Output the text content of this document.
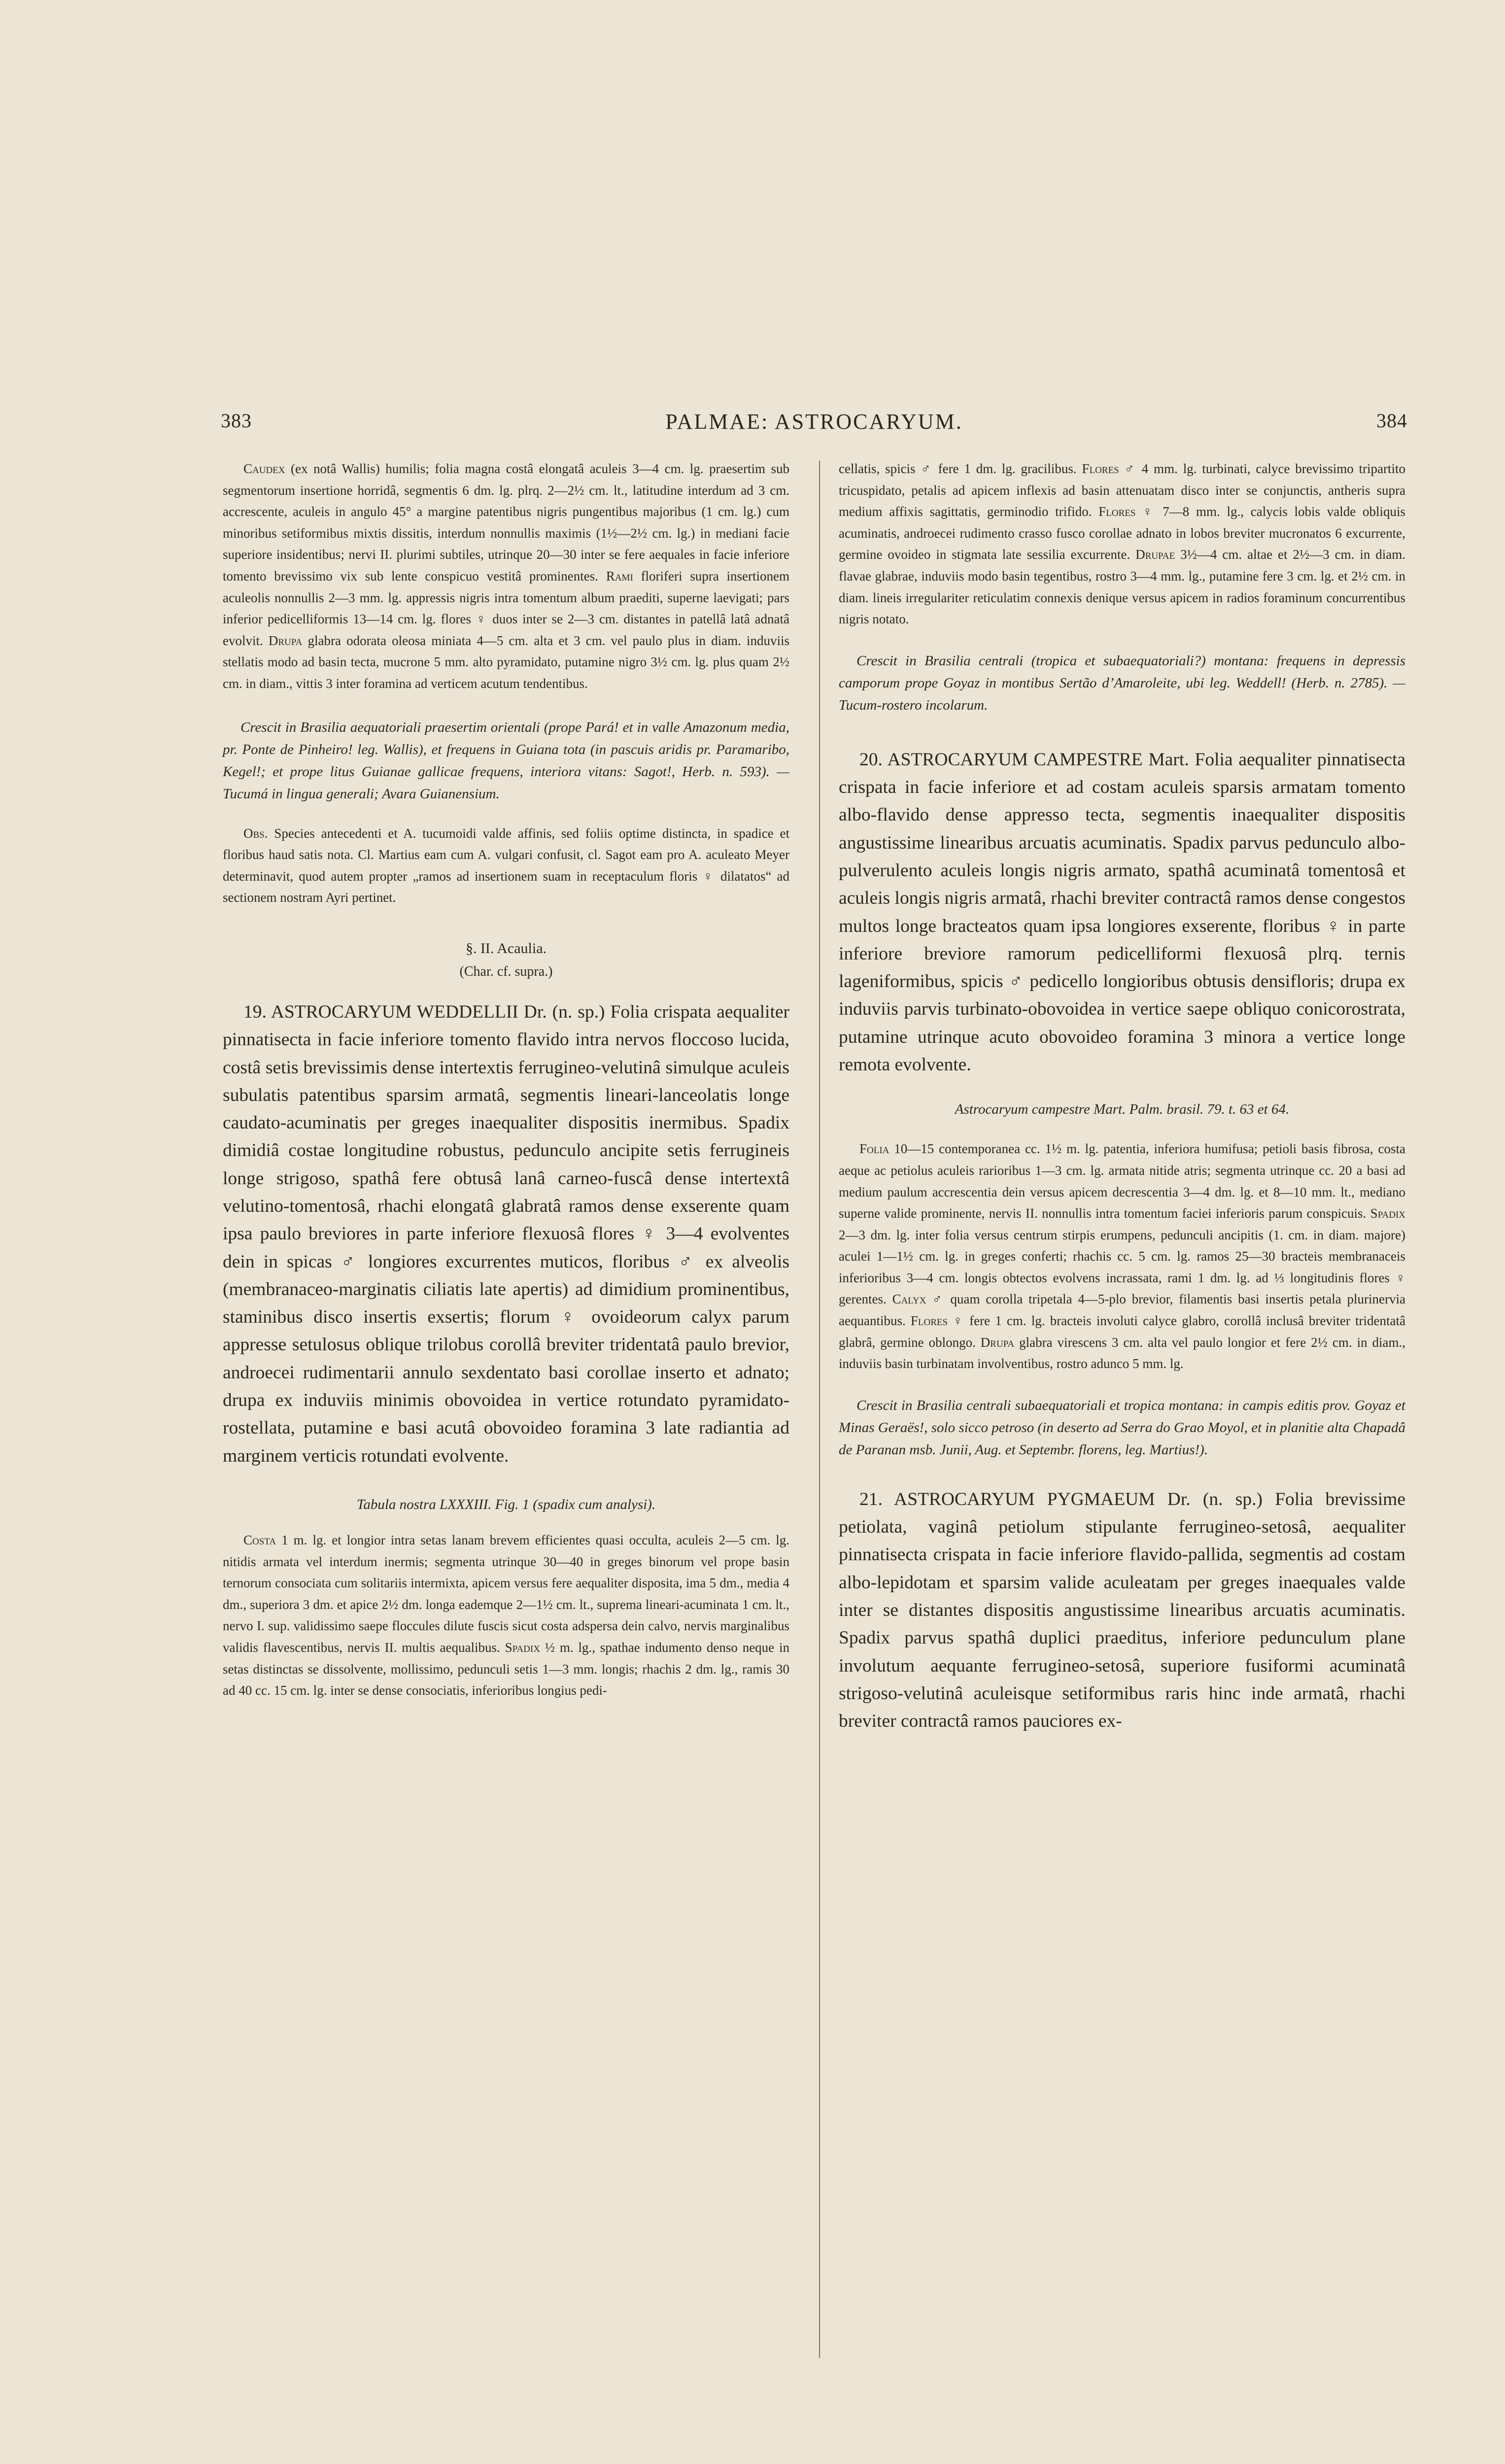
383	PALMAE: ASTROCARYUM.	384

Caudex (ex notâ Wallis) humilis; folia magna costâ elongatâ aculeis 3—4 cm. lg. praesertim sub segmentorum insertione horridâ, segmentis 6 dm. lg. plrq. 2—2½ cm. lt., latitudine interdum ad 3 cm. accrescente, aculeis in angulo 45° a margine patentibus nigris pungentibus majoribus (1 cm. lg.) cum minoribus setiformibus mixtis dissitis, interdum nonnullis maximis (1½—2½ cm. lg.) in mediani facie superiore insidentibus; nervi II. plurimi subtiles, utrinque 20—30 inter se fere aequales in facie inferiore tomento brevissimo vix sub lente conspicuo vestitâ prominentes. Rami floriferi supra insertionem aculeolis nonnullis 2—3 mm. lg. appressis nigris intra tomentum album praediti, superne laevigati; pars inferior pedicelliformis 13—14 cm. lg. flores ♀ duos inter se 2—3 cm. distantes in patellâ latâ adnatâ evolvit. Drupa glabra odorata oleosa miniata 4—5 cm. alta et 3 cm. vel paulo plus in diam. induviis stellatis modo ad basin tecta, mucrone 5 mm. alto pyramidato, putamine nigro 3½ cm. lg. plus quam 2½ cm. in diam., vittis 3 inter foramina ad verticem acutum tendentibus.

Crescit in Brasilia aequatoriali praesertim orientali (prope Pará! et in valle Amazonum media, pr. Ponte de Pinheiro! leg. Wallis), et frequens in Guiana tota (in pascuis aridis pr. Paramaribo, Kegel!; et prope litus Guianae gallicae frequens, interiora vitans: Sagot!, Herb. n. 593). — Tucumá in lingua generali; Avara Guianensium.

Obs. Species antecedenti et A. tucumoidi valde affinis, sed foliis optime distincta, in spadice et floribus haud satis nota. Cl. Martius eam cum A. vulgari confusit, cl. Sagot eam pro A. aculeato Meyer determinavit, quod autem propter „ramos ad insertionem suam in receptaculum floris ♀ dilatatos“ ad sectionem nostram Ayri pertinet.

§. II. Acaulia.

(Char. cf. supra.)

19. ASTROCARYUM WEDDELLII Dr. (n. sp.) Folia crispata aequaliter pinnatisecta in facie inferiore tomento flavido intra nervos floccoso lucida, costâ setis brevissimis dense intertextis ferrugineo-velutinâ simulque aculeis subulatis patentibus sparsim armatâ, segmentis lineari-lanceolatis longe caudato-acuminatis per greges inaequaliter dispositis inermibus. Spadix dimidiâ costae longitudine robustus, pedunculo ancipite setis ferrugineis longe strigoso, spathâ fere obtusâ lanâ carneo-fuscâ dense intertextâ velutino-tomentosâ, rhachi elongatâ glabratâ ramos dense exserente quam ipsa paulo breviores in parte inferiore flexuosâ flores ♀ 3—4 evolventes dein in spicas ♂ longiores excurrentes muticos, floribus ♂ ex alveolis (membranaceo-marginatis ciliatis late apertis) ad dimidium prominentibus, staminibus disco insertis exsertis; florum ♀ ovoideorum calyx parum appresse setulosus oblique trilobus corollâ breviter tridentatâ paulo brevior, androecei rudimentarii annulo sexdentato basi corollae inserto et adnato; drupa ex induviis minimis obovoidea in vertice rotundato pyramidato-rostellata, putamine e basi acutâ obovoideo foramina 3 late radiantia ad marginem verticis rotundati evolvente.

Tabula nostra LXXXIII. Fig. 1 (spadix cum analysi).

Costa 1 m. lg. et longior intra setas lanam brevem efficientes quasi occulta, aculeis 2—5 cm. lg. nitidis armata vel interdum inermis; segmenta utrinque 30—40 in greges binorum vel prope basin ternorum consociata cum solitariis intermixta, apicem versus fere aequaliter disposita, ima 5 dm., media 4 dm., superiora 3 dm. et apice 2½ dm. longa eademque 2—1½ cm. lt., suprema lineari-acuminata 1 cm. lt., nervo I. sup. validissimo saepe floccules dilute fuscis sicut costa adspersa dein calvo, nervis marginalibus validis flavescentibus, nervis II. multis aequalibus. Spadix ½ m. lg., spathae indumento denso neque in setas distinctas se dissolvente, mollissimo, pedunculi setis 1—3 mm. longis; rhachis 2 dm. lg., ramis 30 ad 40 cc. 15 cm. lg. inter se dense consociatis, inferioribus longius pedi-

cellatis, spicis ♂ fere 1 dm. lg. gracilibus. Flores ♂ 4 mm. lg. turbinati, calyce brevissimo tripartito tricuspidato, petalis ad apicem inflexis ad basin attenuatam disco inter se conjunctis, antheris supra medium affixis sagittatis, germinodio trifido. Flores ♀ 7—8 mm. lg., calycis lobis valde obliquis acuminatis, androecei rudimento crasso fusco corollae adnato in lobos breviter mucronatos 6 excurrente, germine ovoideo in stigmata late sessilia excurrente. Drupae 3½—4 cm. altae et 2½—3 cm. in diam. flavae glabrae, induviis modo basin tegentibus, rostro 3—4 mm. lg., putamine fere 3 cm. lg. et 2½ cm. in diam. lineis irregulariter reticulatim connexis denique versus apicem in radios foraminum concurrentibus nigris notato.

Crescit in Brasilia centrali (tropica et subaequatoriali?) montana: frequens in depressis camporum prope Goyaz in montibus Sertão d’Amaroleite, ubi leg. Weddell! (Herb. n. 2785). — Tucum-rostero incolarum.

20. ASTROCARYUM CAMPESTRE Mart. Folia aequaliter pinnatisecta crispata in facie inferiore et ad costam aculeis sparsis armatam tomento albo-flavido dense appresso tecta, segmentis inaequaliter dispositis angustissime linearibus arcuatis acuminatis. Spadix parvus pedunculo albo-pulverulento aculeis longis nigris armato, spathâ acuminatâ tomentosâ et aculeis longis nigris armatâ, rhachi breviter contractâ ramos dense congestos multos longe bracteatos quam ipsa longiores exserente, floribus ♀ in parte inferiore breviore ramorum pedicelliformi flexuosâ plrq. ternis lageniformibus, spicis ♂ pedicello longioribus obtusis densifloris; drupa ex induviis parvis turbinato-obovoidea in vertice saepe obliquo conicorostrata, putamine utrinque acuto obovoideo foramina 3 minora a vertice longe remota evolvente.

Astrocaryum campestre Mart. Palm. brasil. 79. t. 63 et 64.

Folia 10—15 contemporanea cc. 1½ m. lg. patentia, inferiora humifusa; petioli basis fibrosa, costa aeque ac petiolus aculeis rarioribus 1—3 cm. lg. armata nitide atris; segmenta utrinque cc. 20 a basi ad medium paulum accrescentia dein versus apicem decrescentia 3—4 dm. lg. et 8—10 mm. lt., mediano superne valide prominente, nervis II. nonnullis intra tomentum faciei inferioris parum conspicuis. Spadix 2—3 dm. lg. inter folia versus centrum stirpis erumpens, pedunculi ancipitis (1. cm. in diam. majore) aculei 1—1½ cm. lg. in greges conferti; rhachis cc. 5 cm. lg. ramos 25—30 bracteis membranaceis inferioribus 3—4 cm. longis obtectos evolvens incrassata, rami 1 dm. lg. ad ⅓ longitudinis flores ♀ gerentes. Calyx ♂ quam corolla tripetala 4—5-plo brevior, filamentis basi insertis petala plurinervia aequantibus. Flores ♀ fere 1 cm. lg. bracteis involuti calyce glabro, corollâ inclusâ breviter tridentatâ glabrâ, germine oblongo. Drupa glabra virescens 3 cm. alta vel paulo longior et fere 2½ cm. in diam., induviis basin turbinatam involventibus, rostro adunco 5 mm. lg.

Crescit in Brasilia centrali subaequatoriali et tropica montana: in campis editis prov. Goyaz et Minas Geraës!, solo sicco petroso (in deserto ad Serra do Grao Moyol, et in planitie alta Chapadâ de Paranan msb. Junii, Aug. et Septembr. florens, leg. Martius!).

21. ASTROCARYUM PYGMAEUM Dr. (n. sp.) Folia brevissime petiolata, vaginâ petiolum stipulante ferrugineo-setosâ, aequaliter pinnatisecta crispata in facie inferiore flavido-pallida, segmentis ad costam albo-lepidotam et sparsim valide aculeatam per greges inaequales valde inter se distantes dispositis angustissime linearibus arcuatis acuminatis. Spadix parvus spathâ duplici praeditus, inferiore pedunculum plane involutum aequante ferrugineo-setosâ, superiore fusiformi acuminatâ strigoso-velutinâ aculeisque setiformibus raris hinc inde armatâ, rhachi breviter contractâ ramos pauciores ex-
